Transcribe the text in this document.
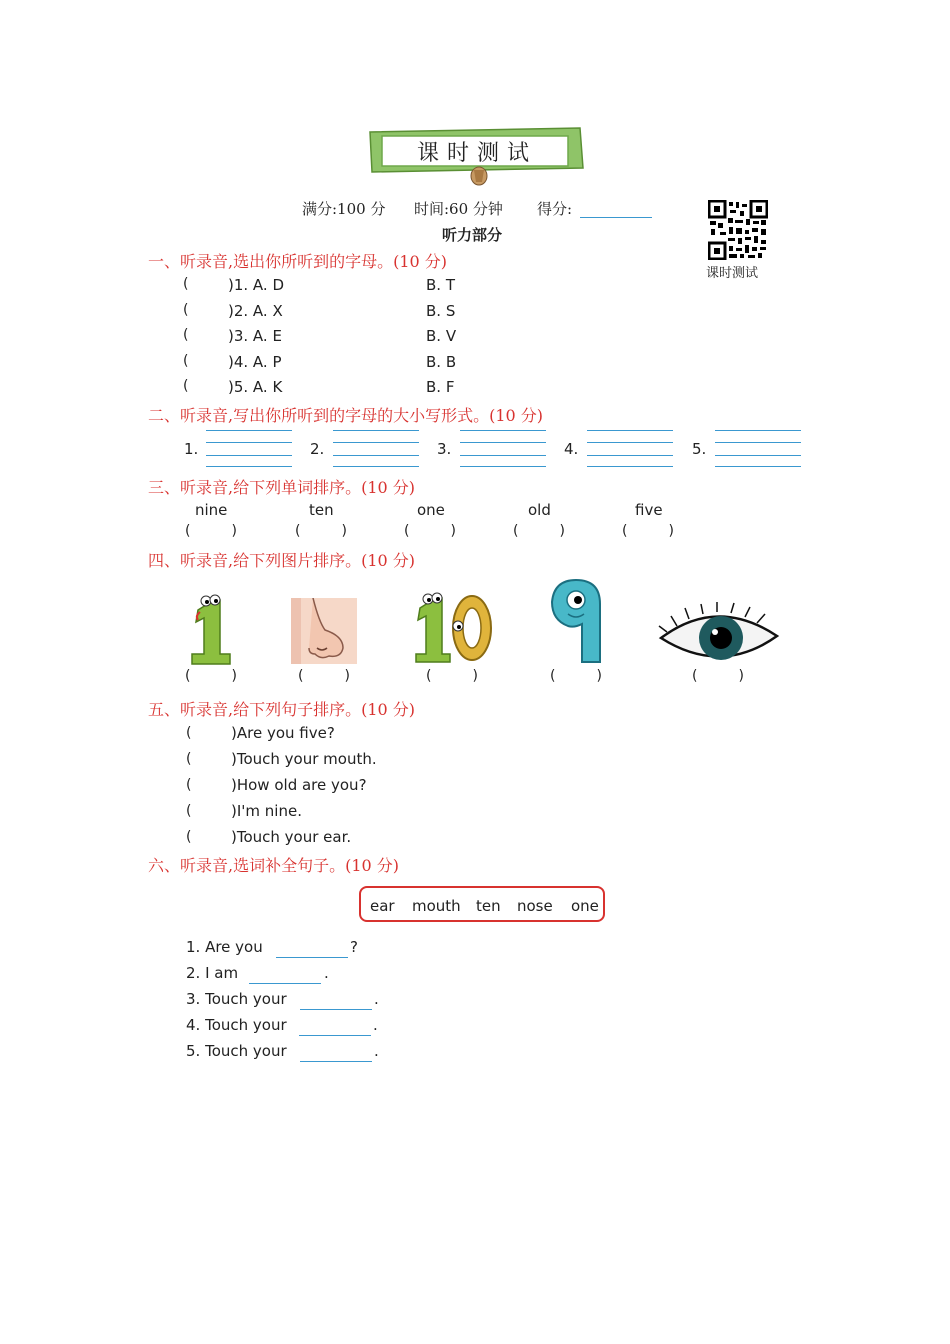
课时测试
满分:100 分 时间:60 分钟 得分:
听力部分
课时测试
一、听录音,选出你所听到的字母。(10 分)
(	)1. A. D	B. T
(	)2. A. X	B. S
(	)3. A. E	B. V
(	)4. A. P	B. B
(	)5. A. K	B. F
二、听录音,写出你所听到的字母的大小写形式。(10 分)
1.	2.	3.	4.	5.
三、听录音,给下列单词排序。(10 分)
nine	ten	one	old	five
(	)	(	)	(	)	(	)	(	)
四、听录音,给下列图片排序。(10 分)
(	)	(	)	(	)	(	)	(	)
五、听录音,给下列句子排序。(10 分)
(	)Are you five?
(	)Touch your mouth.
(	)How old are you?
(	)I'm nine.
(	)Touch your ear.
六、听录音,选词补全句子。(10 分)
ear mouth ten nose one
1. Are you	?
2. I am	.
3. Touch your	.
4. Touch your	.
5. Touch your	.
